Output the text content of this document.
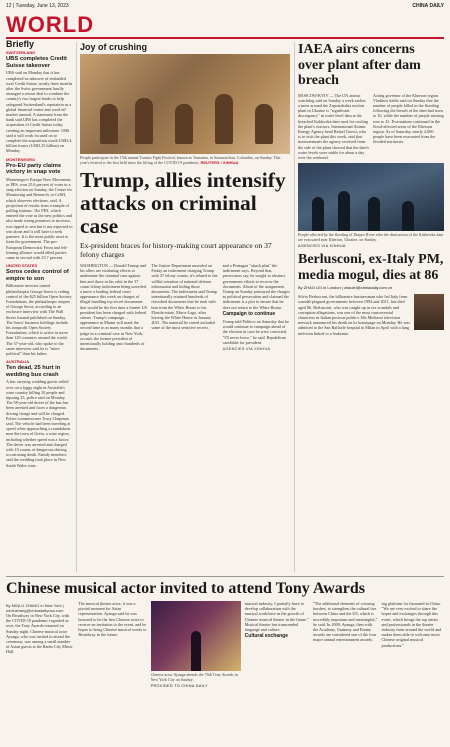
12 | Tuesday, June 13, 2023	CHINA DAILY
WORLD
Briefly
SWITZERLAND
UBS completes Credit Suisse takeover
UBS said on Monday that it has completed its takeover of embattled rival Credit Suisse, nearly three months after the Swiss government hastily arranged a rescue deal to combine the country's two largest banks to help safeguard Switzerland's reputation as a global financial center and ward off market turmoil. A statement from the bank said UBS has completed the acquisition of Credit Suisse today, creating an important milestone. UBS said it will work focused on to complete the acquisition worth US$3.4 billion francs (US$3.25 billion) on Monday.
MONTENEGRO
Pro-EU party claims victory in snap vote
Montenegro's Europe Now Movement, or PES, won 25.6 percent of votes in a snap election on Sunday, the Center for Monitoring and Research, or CeMI, which observes elections, said. A projection of results from a sample of polling stations. The PES, which entered the vote as the new politics and also made strong promises to increase, was tipped to win but is not expected to win alone and it will have to seek partners. It is the most public asset to form the government. The pro-European Democratic Front and left-leaning alliance would allied parties came in second with 23.7 percent.
UNITED STATES
Soros cedes control of empire to son
Billionaire investor turned philanthropist George Soros is ceding control of the $25 billion Open Society Foundations, the philanthropic empire of George Soros, according to an exclusive interview with The Wall Street Journal published on Sunday. The Soros' business holdings include his nonprofit Open Society Foundations, which is active in more than 120 countries around the world. The 37-year-old, who spoke to the same interview said he is "more political" than his father.
AUSTRALIA
Ten dead, 25 hurt in wedding bus crash
A bus carrying wedding guests rolled over on a foggy night in Australia's wine country killing 10 people and injuring 25, police said on Monday. The 58-year-old driver of the bus has been arrested and faces a dangerous driving charge and will be charged. Police commissioner Tracy Chapman said, The vehicle had been traveling at speed when approaching a roundabout near the town of Greta, a wine region, including whether speed was a factor. The driver was arrested and charged with 10 counts of dangerous driving occasioning death. Family members said the wedding took place in New South Wales state.
Joy of crushing
People participate in the 15th annual Tomato Fight Festival, known as Tomatina, in Sutamarchan, Colombia, on Sunday. This year's festival is the first held since the lifting of the COVID-19 pandemic. REUTERS / XINHUA
Trump, allies intensify attacks on criminal case
Ex-president braces for history-making court appearance on 37 felony charges
WASHINGTON — Donald Trump and his allies are escalating efforts to undermine the criminal case against him and those in his orbit in the 37 count felony indictment being unveiled, a move a leading federal court appearance this week on charges of illegal handling top secret documents that would be the first time a former US president has been charged with federal crimes. Trump's campaign ... appearance in Miami will mark the second time in as many months that a judge in a criminal case in New York, accuses the former president of intentionally holding onto hundreds of documents.
The Justice Department unsealed on Friday an indictment charging Trump with 37 felony counts, it's related to the willful retention of national defense information and hiding those documents. The indictment said Trump intentionally retained hundreds of classified documents that he took with him from the White House to his Florida estate, Mar-a-Lago, after leaving the White House in January 2021. The material he stored included some of the most sensitive secrets.
and a Pentagon "attack plan" the indictment says. Beyond that, prosecutors say, he sought to obstruct government efforts to recover the documents. About of the assignment, Trump on Sunday portrayed the charges as political persecution and claimed the indictment is a plot to ensure that he does not return to the White House.
Campaign to continue
Trump told Politico on Saturday that he would continue to campaign ahead of the election in case he were convicted. "I'll never leave," he said. Republican candidate for president.
AGENCIES VIA XINHUA
IAEA airs concerns over plant after dam breach
MOSCOW/KYIV — The UN atomic watchdog said on Sunday a week earlier, a mess around the Zaporizhzhia nuclear plant in Ukraine is "significant discrepancy" in water level data at the breached Kakhovka dam used for cooling the plant's reactors. International Atomic Energy Agency head Rafael Grossi, who is to visit the plant this week, said that measurements the agency received from the side of the plant showed that the dam's water levels were stable for about a day over the weekend.
Acting governor of the Kherson region Vladimir Saldo said on Sunday that the number of people killed in the flooding following the breach of the dam had risen to 10, while the number of people missing rose to 41. Evacuations continued in the flood-affected areas of the Kherson region. As of Saturday, nearly 2,000 people have been evacuated from the flooded territories.
People affected by the flooding of Dnipro River after the destruction of the Kakhovka dam are evacuated near Kherson, Ukraine, on Sunday.
AGENCIES VIA XINHUA
Berlusconi, ex-Italy PM, media mogul, dies at 86
By ZHAO LEI in London | zhaolei@chinadaily.com.cn
Silvio Berlusconi, the billionaire businessman who led Italy from scandal-plagued governments between 1994 and 2011, has died aged 86. Berlusconi, who was caught up in sex scandals and corruption allegations, was one of the most controversial characters in Italian postwar politics. His Mediaset television network announced his death on its homepage on Monday. He was admitted to the San Raffaele hospital in Milan in April with a lung infection linked to a leukemia.
Chinese musical actor invited to attend Tony Awards
By MINLU ZHANG in New York | minluzhang@chinadailyusa.com
On Broadway in New York City, with the COVID-19 pandemic regarded as over, the Tony Awards returned on Sunday night. Chinese musical actor Ayanga, who was invited to attend the ceremony, was among a small number of Asian guests at the Radio City Music Hall.
The musical theater actor, it was a pivotal moment for Asian representation. Ayanga said he was honored to be the first Chinese actor to receive an invitation to the event, and he hopes to bring Chinese musical works to Broadway in the future.
Chinese actor Ayanga attends the 76th Tony Awards in New York City on Sunday.
PROVIDED TO CHINA DAILY
musical industry, I partially have to develop collaboration with the musical workforce in the growth of Chinese musical theater in the future." Musical theater has transcended language and culture.
Cultural exchange
"The additional elements of crossing borders, to strengthen the cultural ties between China and the US, which is incredibly important and meaningful," he said. In 2009, Ayanga, then with the Academy, Grammy and Emmy awards are considered one of the four major annual entertainment awards.
ing platform for thousand in China. "We are very excited to share the hopes and exchanges through this event, which brings the top artists and professionals in the theater industry from around the world and makes them able to welcome more Chinese original musical productions."
